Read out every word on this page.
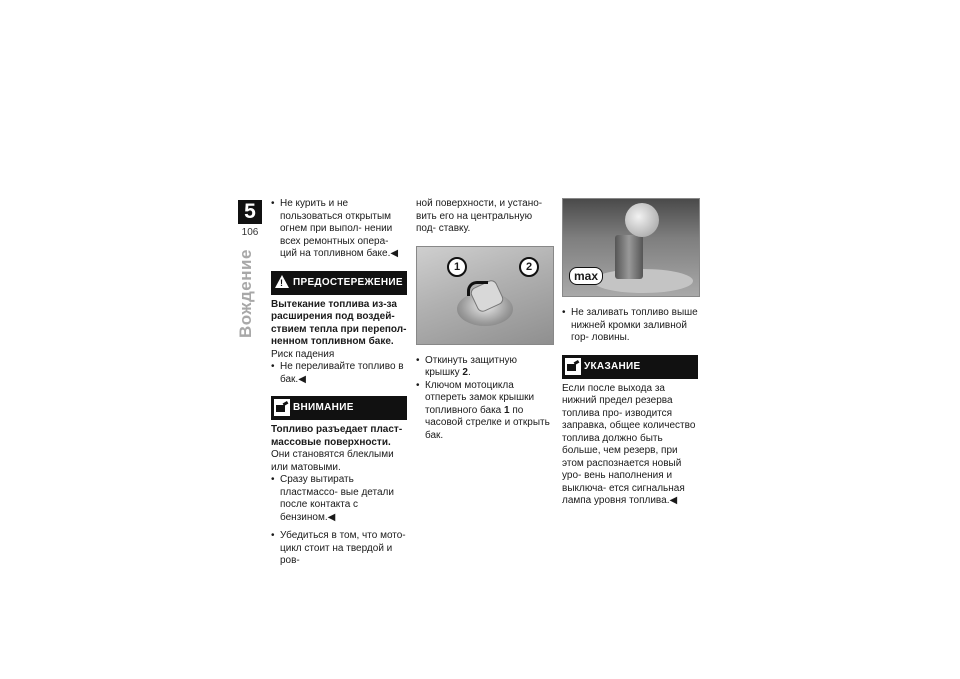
5
106
Вождение

• Не курить и не пользоваться открытым огнем при выпол- нении всех ремонтных опера- ций на топливном баке.◀

!
ПРЕДОСТЕРЕЖЕНИЕ

Вытекание топлива из-за расширения под воздей- ствием тепла при перепол- ненном топливном баке.

Риск падения

• Не переливайте топливо в бак.◀

ВНИМАНИЕ

Топливо разъедает пласт- массовые поверхности.

Они становятся блеклыми или матовыми.

• Сразу вытирать пластмассо- вые детали после контакта с бензином.◀

• Убедиться в том, что мото- цикл стоит на твердой и ров-

ной поверхности, и устано- вить его на центральную под- ставку.

1	2

• Откинуть защитную крышку 2.

• Ключом мотоцикла отпереть замок крышки топливного бака 1 по часовой стрелке и открыть бак.

max

• Не заливать топливо выше нижней кромки заливной гор- ловины.

УКАЗАНИЕ

Если после выхода за нижний предел резерва топлива про- изводится заправка, общее количество топлива должно быть больше, чем резерв, при этом распознается новый уро- вень наполнения и выключа- ется сигнальная лампа уровня топлива.◀
